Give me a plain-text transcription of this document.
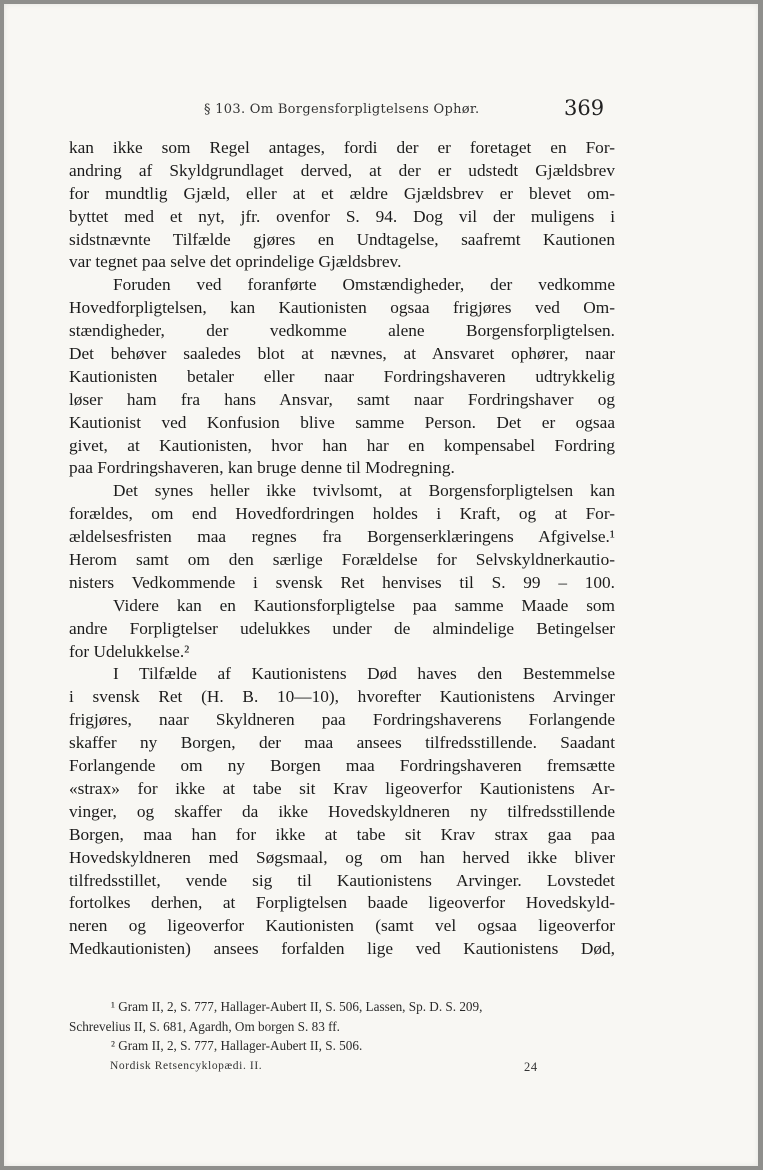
§ 103. Om Borgensforpligtelsens Ophør.	369
kan ikke som Regel antages, fordi der er foretaget en For-
andring af Skyldgrundlaget derved, at der er udstedt Gjældsbrev
for mundtlig Gjæld, eller at et ældre Gjældsbrev er blevet om-
byttet med et nyt, jfr. ovenfor S. 94. Dog vil der muligens i
sidstnævnte Tilfælde gjøres en Undtagelse, saafremt Kautionen
var tegnet paa selve det oprindelige Gjældsbrev.
Foruden ved foranførte Omstændigheder, der vedkomme
Hovedforpligtelsen, kan Kautionisten ogsaa frigjøres ved Om-
stændigheder, der vedkomme alene Borgensforpligtelsen.
Det behøver saaledes blot at nævnes, at Ansvaret ophører, naar
Kautionisten betaler eller naar Fordringshaveren udtrykkelig
løser ham fra hans Ansvar, samt naar Fordringshaver og
Kautionist ved Konfusion blive samme Person. Det er ogsaa
givet, at Kautionisten, hvor han har en kompensabel Fordring
paa Fordringshaveren, kan bruge denne til Modregning.
Det synes heller ikke tvivlsomt, at Borgensforpligtelsen kan
forældes, om end Hovedfordringen holdes i Kraft, og at For-
ældelsesfristen maa regnes fra Borgenserklæringens Afgivelse.¹
Herom samt om den særlige Forældelse for Selvskyldnerkautio-
nisters Vedkommende i svensk Ret henvises til S. 99 – 100.
Videre kan en Kautionsforpligtelse paa samme Maade som
andre Forpligtelser udelukkes under de almindelige Betingelser
for Udelukkelse.²
I Tilfælde af Kautionistens Død haves den Bestemmelse
i svensk Ret (H. B. 10—10), hvorefter Kautionistens Arvinger
frigjøres, naar Skyldneren paa Fordringshaverens Forlangende
skaffer ny Borgen, der maa ansees tilfredsstillende. Saadant
Forlangende om ny Borgen maa Fordringshaveren fremsætte
«strax» for ikke at tabe sit Krav ligeoverfor Kautionistens Ar-
vinger, og skaffer da ikke Hovedskyldneren ny tilfredsstillende
Borgen, maa han for ikke at tabe sit Krav strax gaa paa
Hovedskyldneren med Søgsmaal, og om han herved ikke bliver
tilfredsstillet, vende sig til Kautionistens Arvinger. Lovstedet
fortolkes derhen, at Forpligtelsen baade ligeoverfor Hovedskyld-
neren og ligeoverfor Kautionisten (samt vel ogsaa ligeoverfor
Medkautionisten) ansees forfalden lige ved Kautionistens Død,
¹ Gram II, 2, S. 777, Hallager-Aubert II, S. 506, Lassen, Sp. D. S. 209,
Schrevelius II, S. 681, Agardh, Om borgen S. 83 ff.
² Gram II, 2, S. 777, Hallager-Aubert II, S. 506.
Nordisk Retsencyklopædi. II.	24
